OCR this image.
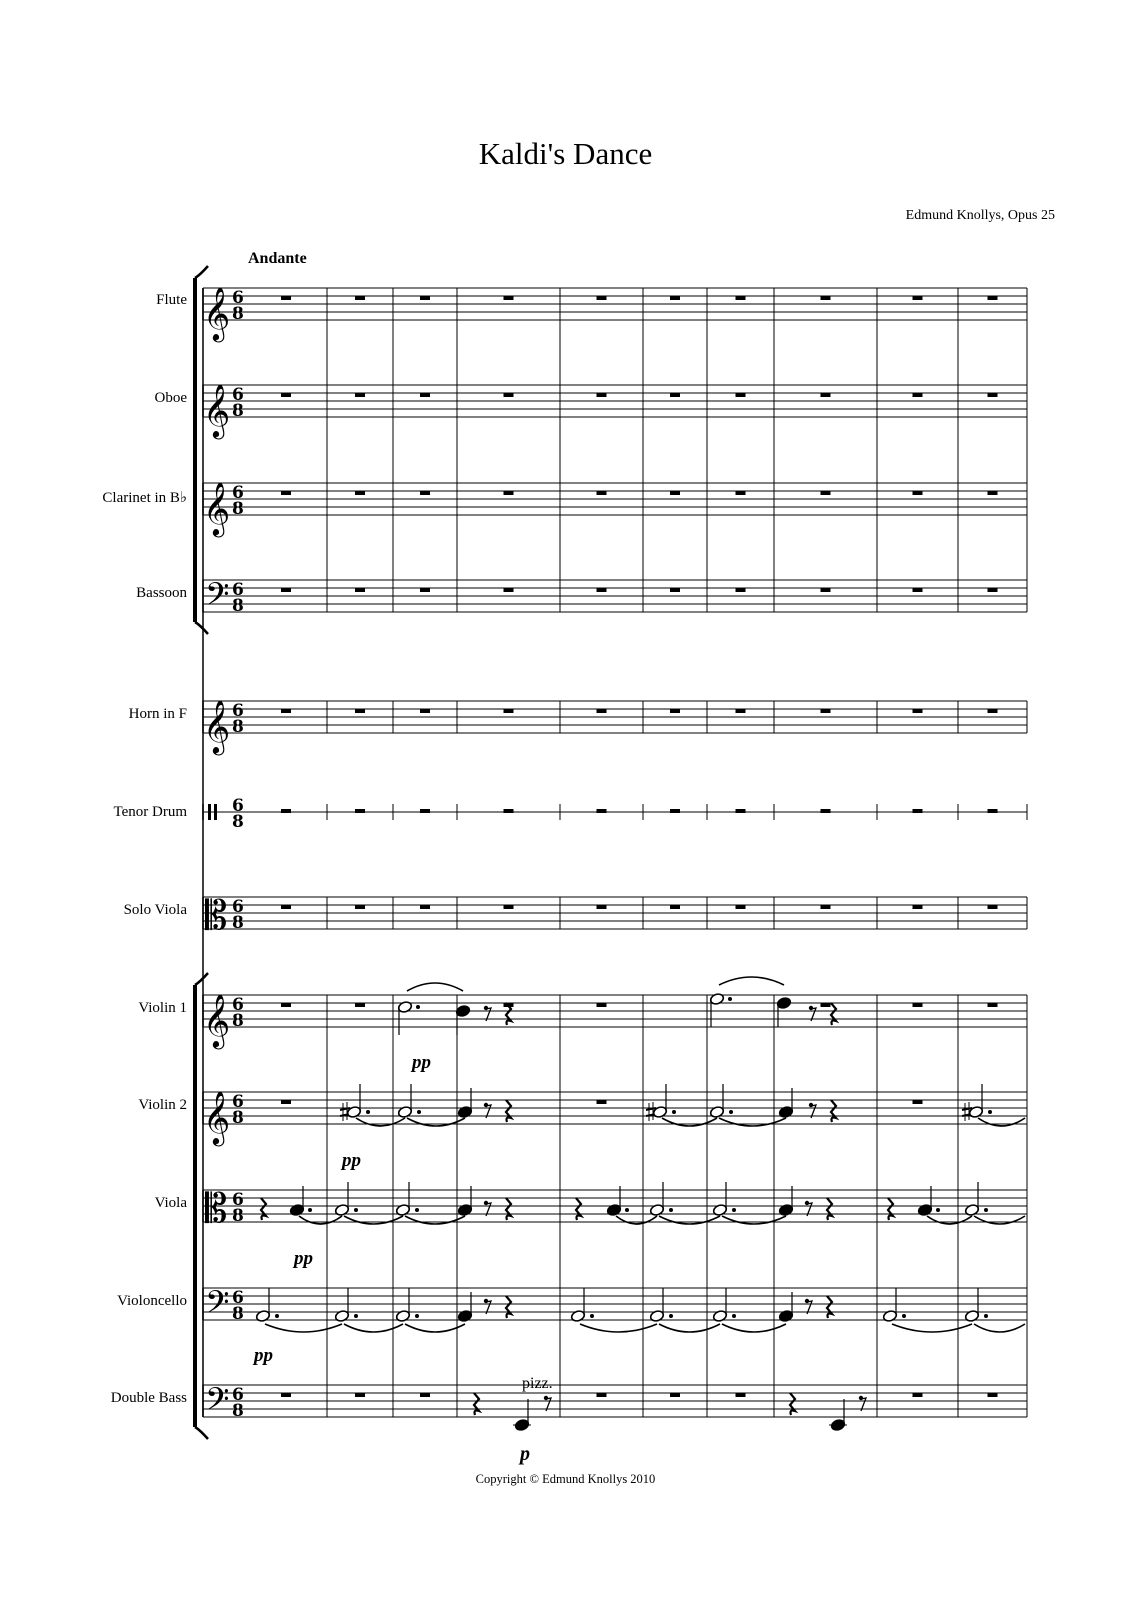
Kaldi's Dance
Edmund Knollys, Opus 25
Andante
Flute
Oboe
Clarinet in B♭
Bassoon
Horn in F
Tenor Drum
Solo Viola
Violin 1
Violin 2
Viola
Violoncello
Double Bass
Copyright © Edmund Knollys 2010
pp
pp
pp
pp
pizz.
p
𝄞 6
8
𝄞 6
8
𝄞 6
8
𝄢 6
8
𝄞 6
8
6
8
𝄡 6
8
𝄞 6
8
𝄞 6
8
𝄡 6
8
𝄢 6
8
𝄢 6
8
